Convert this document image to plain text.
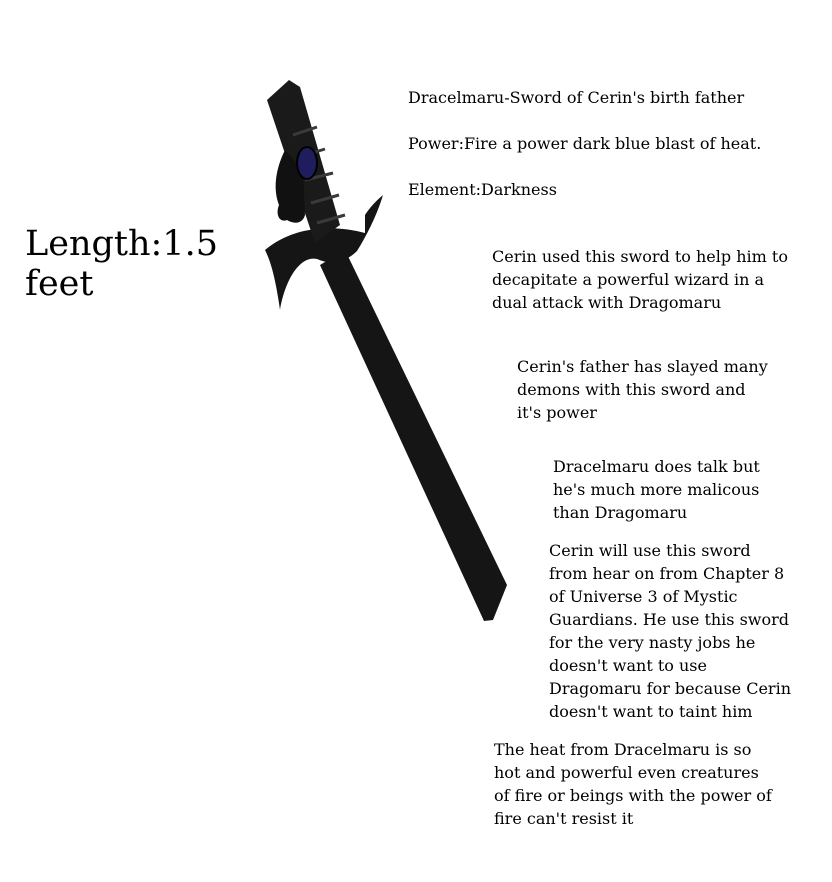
Dracelmaru-Sword of Cerin's birth father
Power:Fire a power dark blue blast of heat.
Element:Darkness
Length:1.5
feet
Cerin used this sword to help him to
decapitate a powerful wizard in a
dual attack with Dragomaru
Cerin's father has slayed many
demons with this sword and
it's power
Dracelmaru does talk but
he's much more malicous
than Dragomaru
Cerin will use this sword
from hear on from Chapter 8
of Universe 3 of Mystic
Guardians. He use this sword
for the very nasty jobs he
doesn't want to use
Dragomaru for because Cerin
doesn't want to taint him
The heat from Dracelmaru is so
hot and powerful even creatures
of fire or beings with the power of
fire can't resist it
